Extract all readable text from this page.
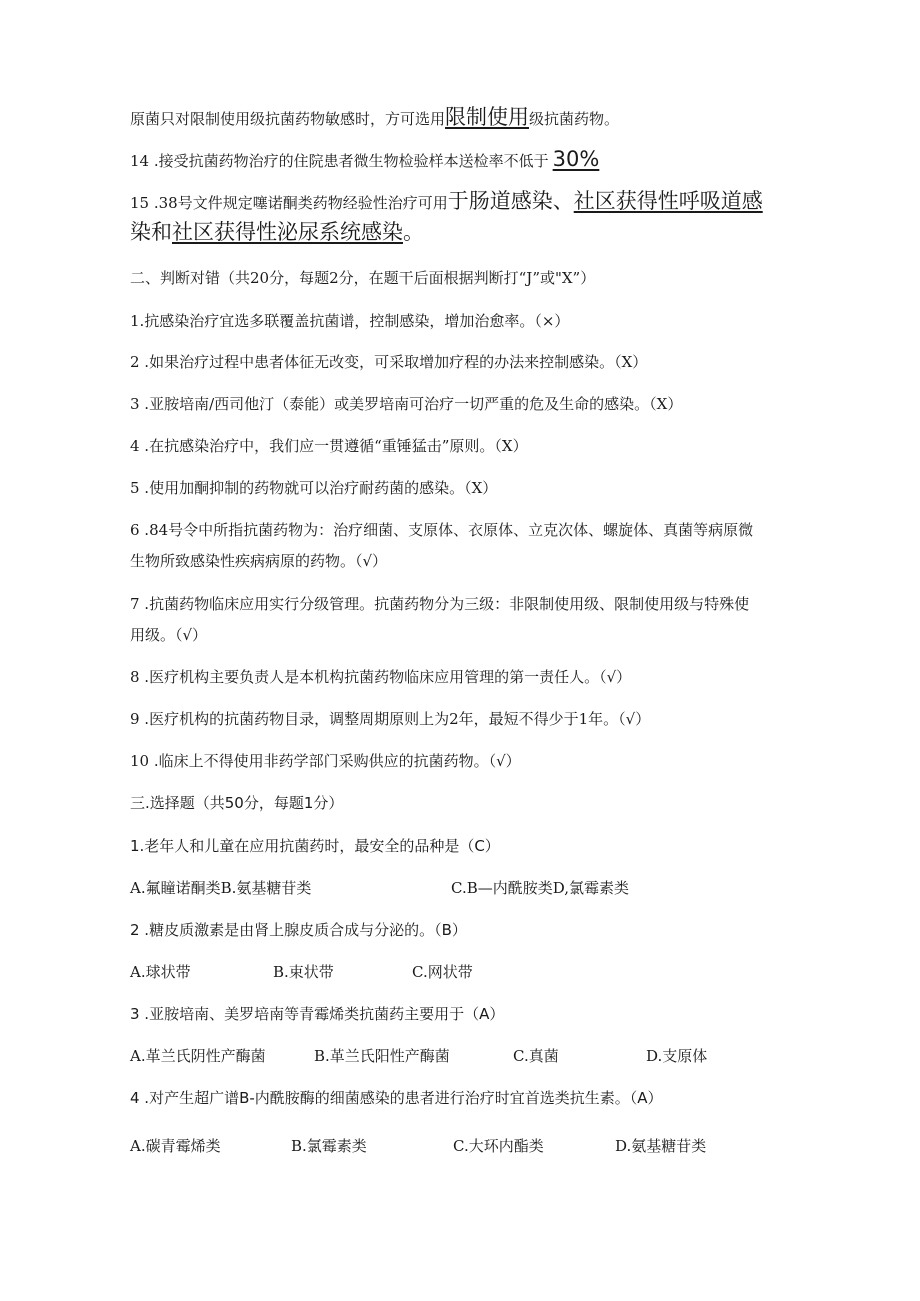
原菌只对限制使用级抗菌药物敏感时，方可选用限制使用级抗菌药物。
14 .接受抗菌药物治疗的住院患者微生物检验样本送检率不低于 30%
15 .38号文件规定噻诺酮类药物经验性治疗可用于肠道感染、社区获得性呼吸道感
染和社区获得性泌尿系统感染。
二、判断对错（共20分，每题2分，在题干后面根据判断打“J”或"X”）
1.抗感染治疗宜选多联覆盖抗菌谱，控制感染，增加治愈率。（×）
2 .如果治疗过程中患者体征无改变，可采取增加疗程的办法来控制感染。（X）
3 .亚胺培南/西司他汀（泰能）或美罗培南可治疗一切严重的危及生命的感染。（X）
4 .在抗感染治疗中，我们应一贯遵循“重锤猛击”原则。（X）
5 .使用加酮抑制的药物就可以治疗耐药菌的感染。（X）
6 .84号令中所指抗菌药物为：治疗细菌、支原体、衣原体、立克次体、螺旋体、真菌等病原微
生物所致感染性疾病病原的药物。（√）
7 .抗菌药物临床应用实行分级管理。抗菌药物分为三级：非限制使用级、限制使用级与特殊使
用级。（√）
8 .医疗机构主要负责人是本机构抗菌药物临床应用管理的第一责任人。（√）
9 .医疗机构的抗菌药物目录，调整周期原则上为2年，最短不得少于1年。（√）
10 .临床上不得使用非药学部门采购供应的抗菌药物。（√）
三.选择题（共50分，每题1分）
1.老年人和儿童在应用抗菌药时，最安全的品种是（C）
A.氟瞳诺酮类B.氨基糖苷类	C.B—内酰胺类D,氯霉素类
2 .糖皮质激素是由肾上腺皮质合成与分泌的。（B）
A.球状带	B.束状带	C.网状带
3 .亚胺培南、美罗培南等青霉烯类抗菌药主要用于（A）
A.革兰氏阴性产酶菌	B.革兰氏阳性产酶菌	C.真菌	D.支原体
4 .对产生超广谱B-内酰胺酶的细菌感染的患者进行治疗时宜首选类抗生素。（A）
A.碳青霉烯类	B.氯霉素类	C.大环内酯类	D.氨基糖苷类
